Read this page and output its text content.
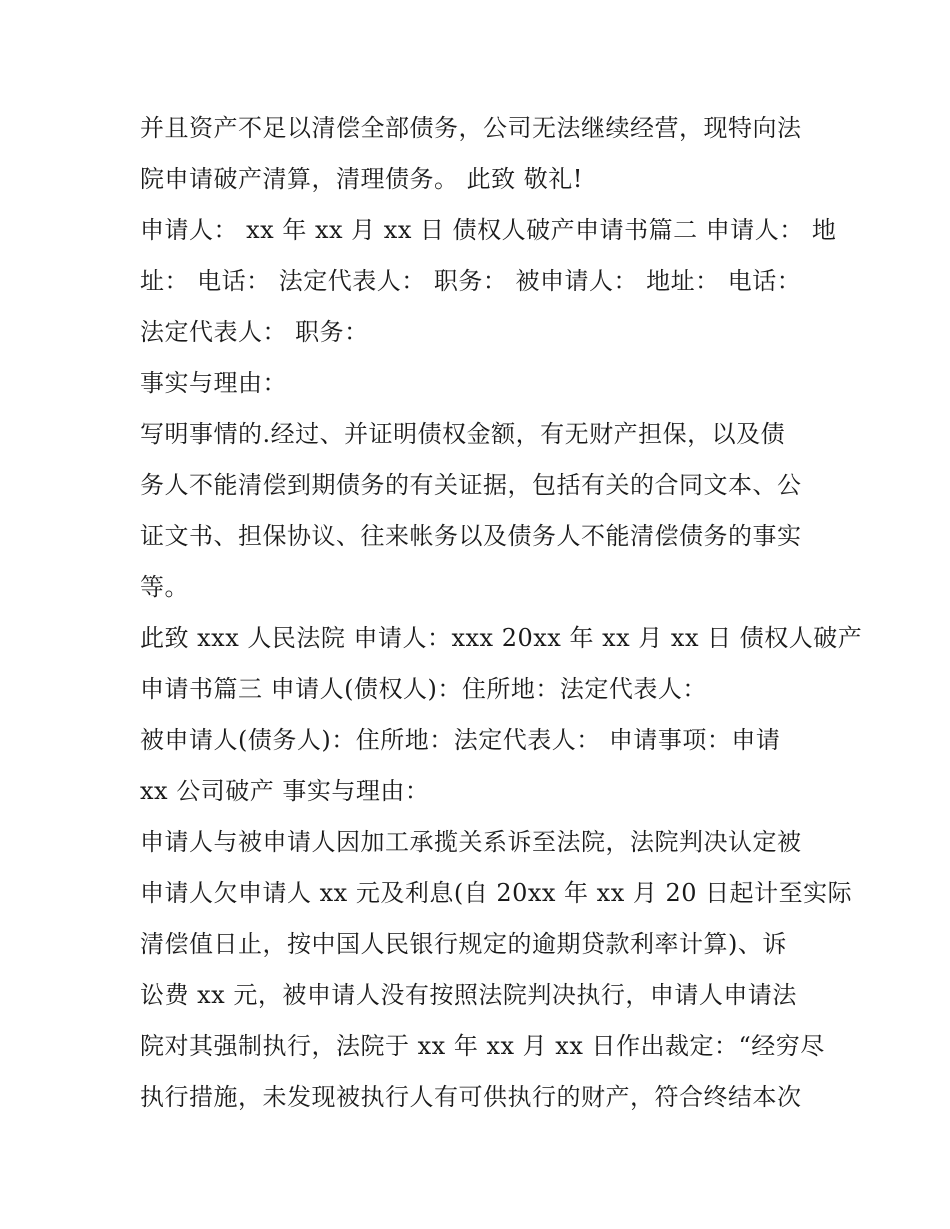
并且资产不足以清偿全部债务，公司无法继续经营，现特向法
院申请破产清算，清理债务。 此致 敬礼!
申请人： xx 年 xx 月 xx 日 债权人破产申请书篇二 申请人： 地
址： 电话： 法定代表人： 职务： 被申请人： 地址： 电话：
法定代表人： 职务：
事实与理由：
写明事情的.经过、并证明债权金额，有无财产担保，以及债
务人不能清偿到期债务的有关证据，包括有关的合同文本、公
证文书、担保协议、往来帐务以及债务人不能清偿债务的事实
等。
此致 xxx 人民法院 申请人：xxx 20xx 年 xx 月 xx 日 债权人破产
申请书篇三 申请人(债权人)：住所地：法定代表人：
被申请人(债务人)：住所地：法定代表人： 申请事项：申请
xx 公司破产 事实与理由：
申请人与被申请人因加工承揽关系诉至法院，法院判决认定被
申请人欠申请人 xx 元及利息(自 20xx 年 xx 月 20 日起计至实际
清偿值日止，按中国人民银行规定的逾期贷款利率计算)、诉
讼费 xx 元，被申请人没有按照法院判决执行，申请人申请法
院对其强制执行，法院于 xx 年 xx 月 xx 日作出裁定：“经穷尽
执行措施，未发现被执行人有可供执行的财产，符合终结本次
